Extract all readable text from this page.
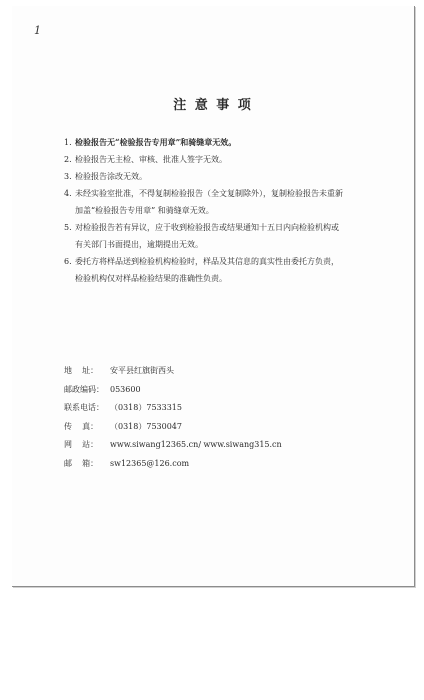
1
注 意 事 项
1. 检验报告无“检验报告专用章”和骑缝章无效。
2. 检验报告无主检、审核、批准人签字无效。
3. 检验报告涂改无效。
4. 未经实验室批准，不得复制检验报告（全文复制除外），复制检验报告未重新
加盖“检验报告专用章” 和骑缝章无效。
5. 对检验报告若有异议，应于收到检验报告或结果通知十五日内向检验机构或
有关部门书面提出，逾期提出无效。
6. 委托方将样品送到检验机构检验时，样品及其信息的真实性由委托方负责，
检验机构仅对样品检验结果的准确性负责。
地    址：	安平县红旗街西头
邮政编码： 053600
联系电话： （0318）7533315
传    真：	（0318）7530047
网    站：	www.siwang12365.cn/ www.siwang315.cn
邮    箱：	sw12365@126.com
